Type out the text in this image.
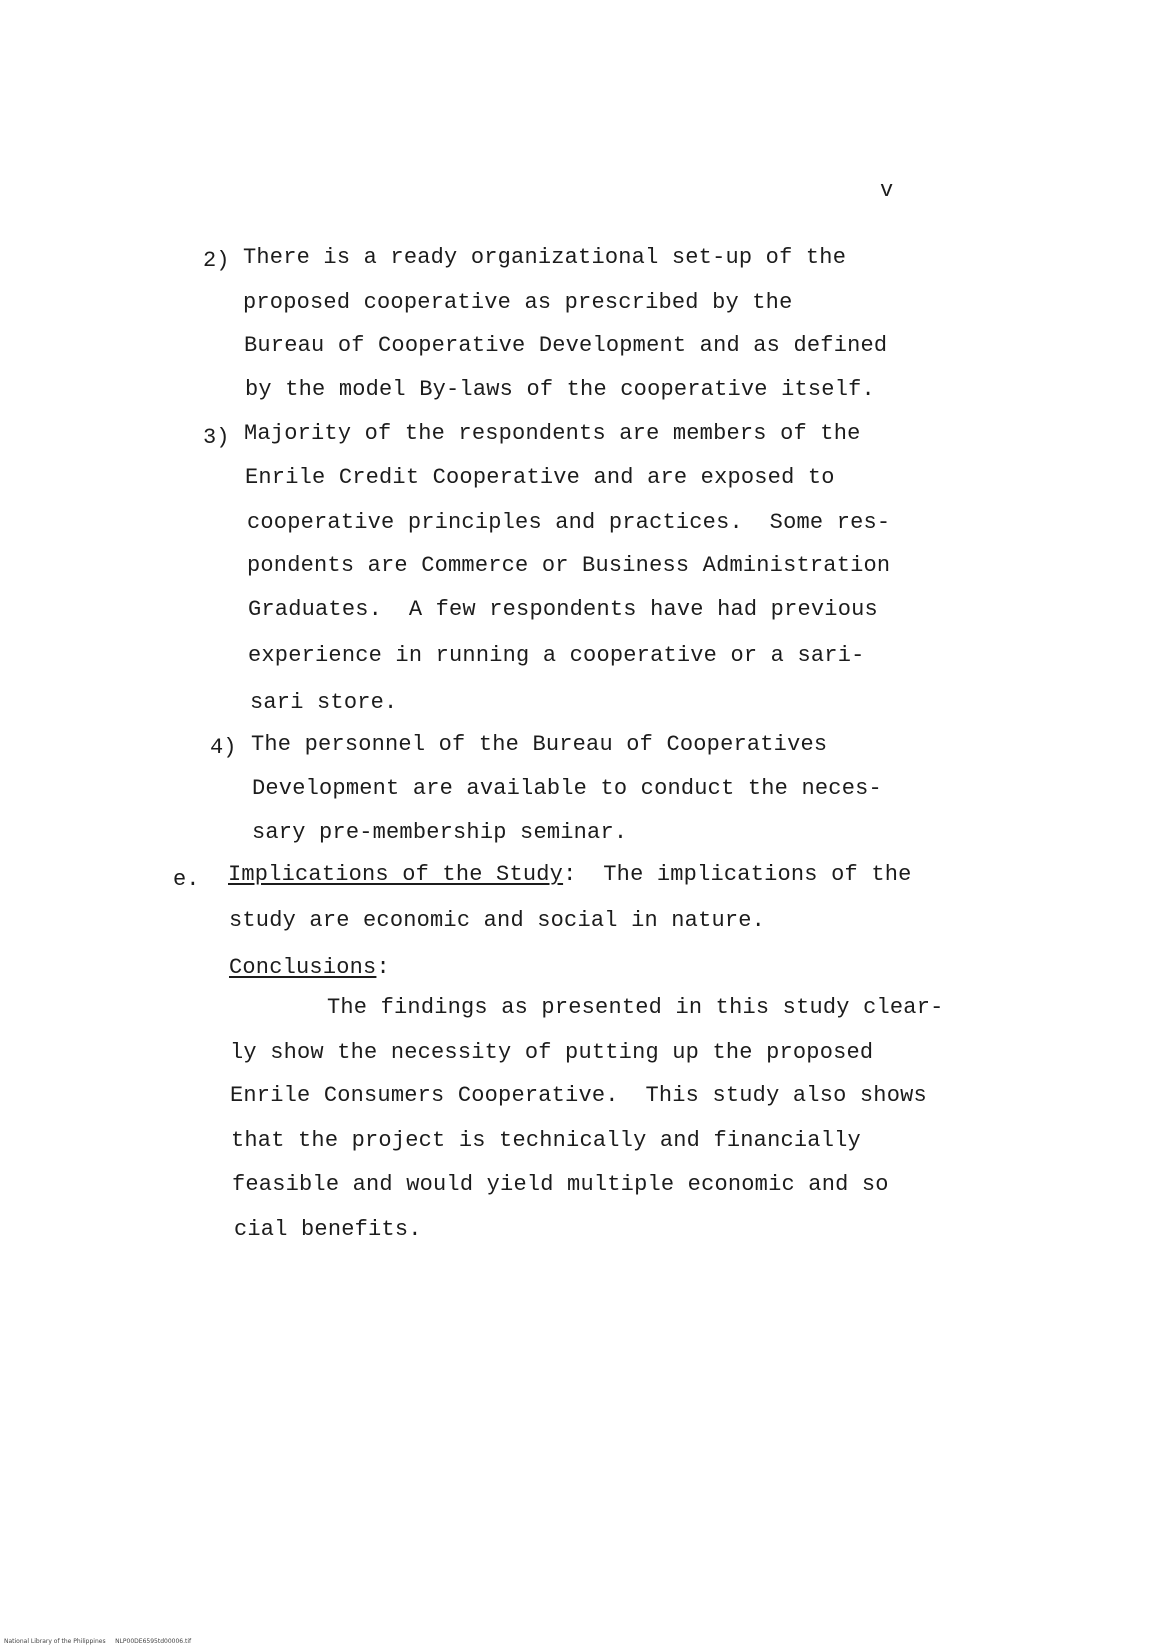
v
2) There is a ready organizational set-up of the
proposed cooperative as prescribed by the
Bureau of Cooperative Development and as defined
by the model By-laws of the cooperative itself.
3) Majority of the respondents are members of the
Enrile Credit Cooperative and are exposed to
cooperative principles and practices.  Some res-
pondents are Commerce or Business Administration
Graduates.  A few respondents have had previous
experience in running a cooperative or a sari-
sari store.
4) The personnel of the Bureau of Cooperatives
Development are available to conduct the neces-
sary pre-membership seminar.
e. Implications of the Study:  The implications of the
study are economic and social in nature.
Conclusions:
The findings as presented in this study clear-
ly show the necessity of putting up the proposed
Enrile Consumers Cooperative.  This study also shows
that the project is technically and financially
feasible and would yield multiple economic and so
cial benefits.
National Library of the Philippines     NLP00DE6595td00006.tif
